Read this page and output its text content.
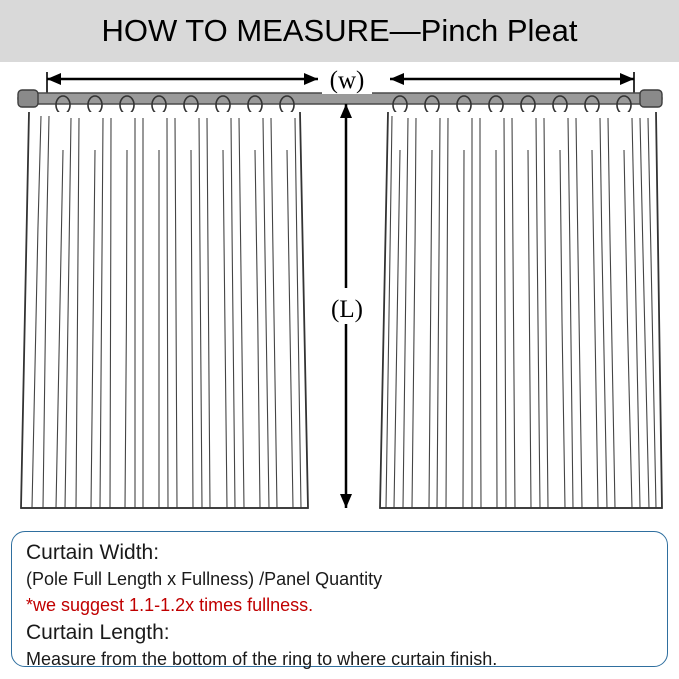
HOW TO MEASURE—Pinch Pleat
(w)
(L)
Curtain Width:
(Pole Full Length x Fullness) /Panel Quantity
*we suggest 1.1-1.2x times fullness.
Curtain Length:
Measure from the bottom of the ring to where curtain finish.
